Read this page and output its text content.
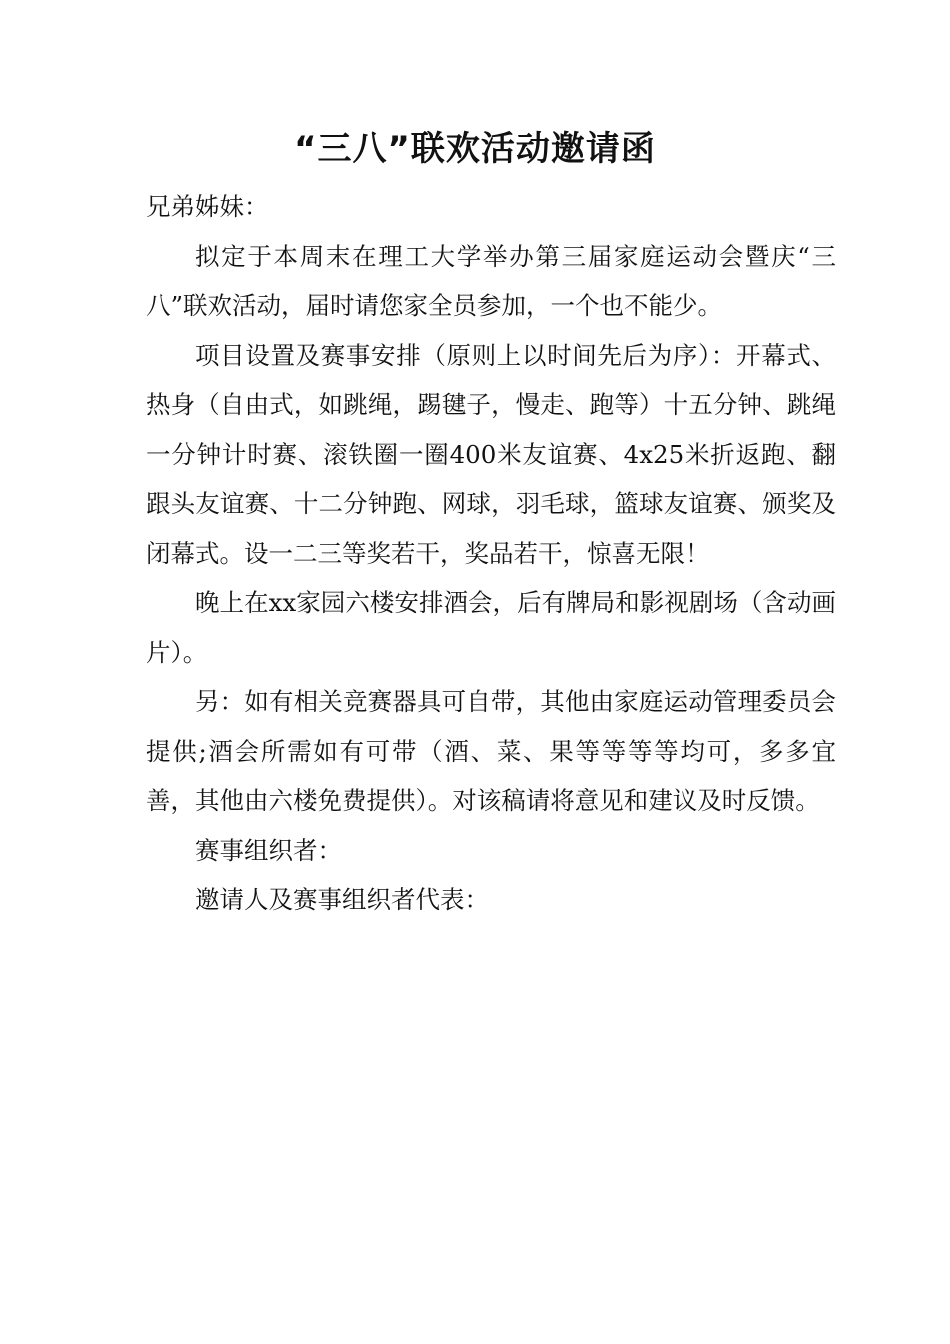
“三八”联欢活动邀请函

兄弟姊妹：

拟定于本周末在理工大学举办第三届家庭运动会暨庆“三八”联欢活动，届时请您家全员参加，一个也不能少。

项目设置及赛事安排（原则上以时间先后为序）：开幕式、热身（自由式，如跳绳，踢毽子，慢走、跑等）十五分钟、跳绳一分钟计时赛、滚铁圈一圈400米友谊赛、4x25米折返跑、翻跟头友谊赛、十二分钟跑、网球，羽毛球，篮球友谊赛、颁奖及闭幕式。设一二三等奖若干，奖品若干，惊喜无限！

晚上在xx家园六楼安排酒会，后有牌局和影视剧场（含动画片）。

另：如有相关竞赛器具可自带，其他由家庭运动管理委员会提供;酒会所需如有可带（酒、菜、果等等等等均可，多多宜善，其他由六楼免费提供）。对该稿请将意见和建议及时反馈。

赛事组织者：

邀请人及赛事组织者代表：
